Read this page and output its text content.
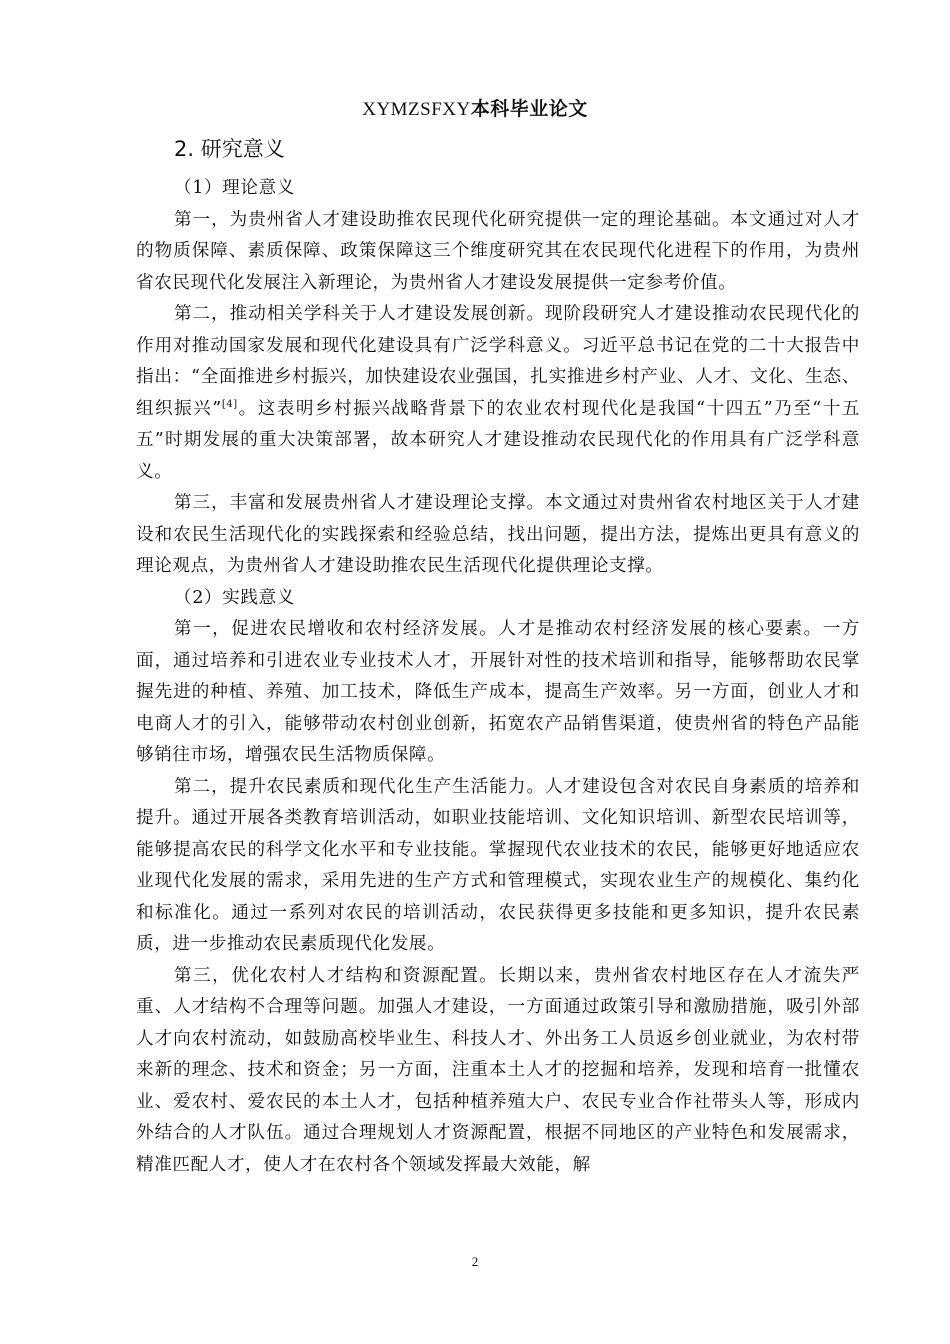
XYMZSFXY本科毕业论文
2. 研究意义

（1）理论意义

第一，为贵州省人才建设助推农民现代化研究提供一定的理论基础。本文通过对人才的物质保障、素质保障、政策保障这三个维度研究其在农民现代化进程下的作用，为贵州省农民现代化发展注入新理论，为贵州省人才建设发展提供一定参考价值。

第二，推动相关学科关于人才建设发展创新。现阶段研究人才建设推动农民现代化的作用对推动国家发展和现代化建设具有广泛学科意义。习近平总书记在党的二十大报告中指出：“全面推进乡村振兴，加快建设农业强国，扎实推进乡村产业、人才、文化、生态、组织振兴”[4]。这表明乡村振兴战略背景下的农业农村现代化是我国“十四五”乃至“十五五”时期发展的重大决策部署，故本研究人才建设推动农民现代化的作用具有广泛学科意义。

第三，丰富和发展贵州省人才建设理论支撑。本文通过对贵州省农村地区关于人才建设和农民生活现代化的实践探索和经验总结，找出问题，提出方法，提炼出更具有意义的理论观点，为贵州省人才建设助推农民生活现代化提供理论支撑。

（2）实践意义

第一，促进农民增收和农村经济发展。人才是推动农村经济发展的核心要素。一方面，通过培养和引进农业专业技术人才，开展针对性的技术培训和指导，能够帮助农民掌握先进的种植、养殖、加工技术，降低生产成本，提高生产效率。另一方面，创业人才和电商人才的引入，能够带动农村创业创新，拓宽农产品销售渠道，使贵州省的特色产品能够销往市场，增强农民生活物质保障。

第二，提升农民素质和现代化生产生活能力。人才建设包含对农民自身素质的培养和提升。通过开展各类教育培训活动，如职业技能培训、文化知识培训、新型农民培训等，能够提高农民的科学文化水平和专业技能。掌握现代农业技术的农民，能够更好地适应农业现代化发展的需求，采用先进的生产方式和管理模式，实现农业生产的规模化、集约化和标准化。通过一系列对农民的培训活动，农民获得更多技能和更多知识，提升农民素质，进一步推动农民素质现代化发展。

第三，优化农村人才结构和资源配置。长期以来，贵州省农村地区存在人才流失严重、人才结构不合理等问题。加强人才建设，一方面通过政策引导和激励措施，吸引外部人才向农村流动，如鼓励高校毕业生、科技人才、外出务工人员返乡创业就业，为农村带来新的理念、技术和资金；另一方面，注重本土人才的挖掘和培养，发现和培育一批懂农业、爱农村、爱农民的本土人才，包括种植养殖大户、农民专业合作社带头人等，形成内外结合的人才队伍。通过合理规划人才资源配置，根据不同地区的产业特色和发展需求，精准匹配人才，使人才在农村各个领域发挥最大效能，解

2
